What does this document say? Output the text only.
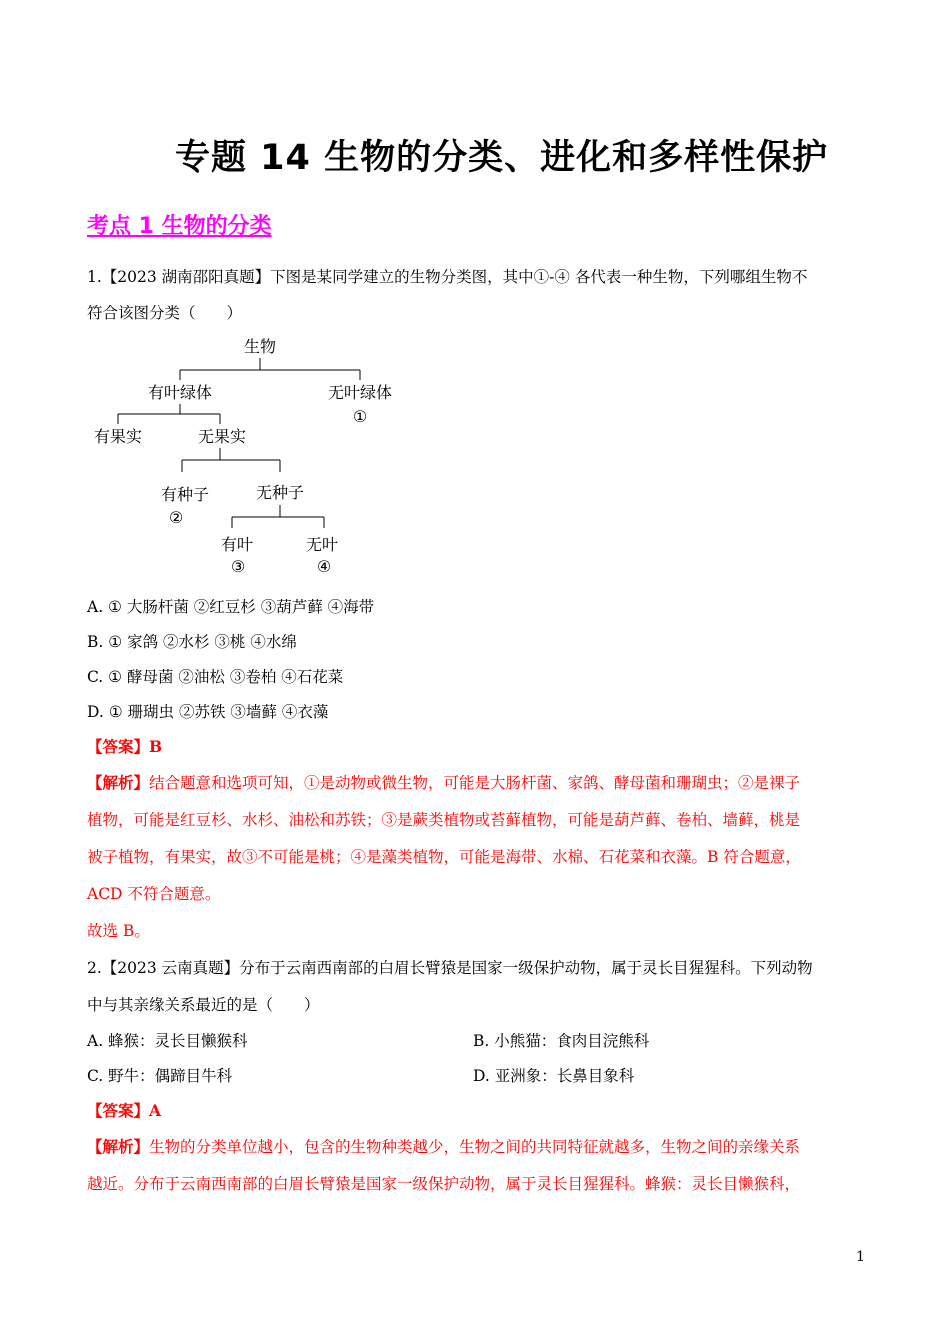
专题 14 生物的分类、进化和多样性保护
考点 1 生物的分类
1.【2023 湖南邵阳真题】下图是某同学建立的生物分类图，其中①-④ 各代表一种生物，下列哪组生物不
符合该图分类（　　）
生物
有叶绿体	无叶绿体
①
有果实	无果实
有种子
②
无种子
有叶
③
无叶
④
A. ① 大肠杆菌 ②红豆杉 ③葫芦藓 ④海带
B. ① 家鸽 ②水杉 ③桃 ④水绵
C. ① 酵母菌 ②油松 ③卷柏 ④石花菜
D. ① 珊瑚虫 ②苏铁 ③墙藓 ④衣藻
【答案】B
【解析】结合题意和选项可知，①是动物或微生物，可能是大肠杆菌、家鸽、酵母菌和珊瑚虫；②是裸子
植物，可能是红豆杉、水杉、油松和苏铁；③是蕨类植物或苔藓植物，可能是葫芦藓、卷柏、墙藓，桃是
被子植物，有果实，故③不可能是桃；④是藻类植物，可能是海带、水棉、石花菜和衣藻。B 符合题意，
ACD 不符合题意。
故选 B。
2.【2023 云南真题】分布于云南西南部的白眉长臂猿是国家一级保护动物，属于灵长目猩猩科。下列动物
中与其亲缘关系最近的是（　　）
A. 蜂猴：灵长目懒猴科	B. 小熊猫：食肉目浣熊科
C. 野牛：偶蹄目牛科	D. 亚洲象：长鼻目象科
【答案】A
【解析】生物的分类单位越小，包含的生物种类越少，生物之间的共同特征就越多，生物之间的亲缘关系
越近。分布于云南西南部的白眉长臂猿是国家一级保护动物，属于灵长目猩猩科。蜂猴：灵长目懒猴科，
1
